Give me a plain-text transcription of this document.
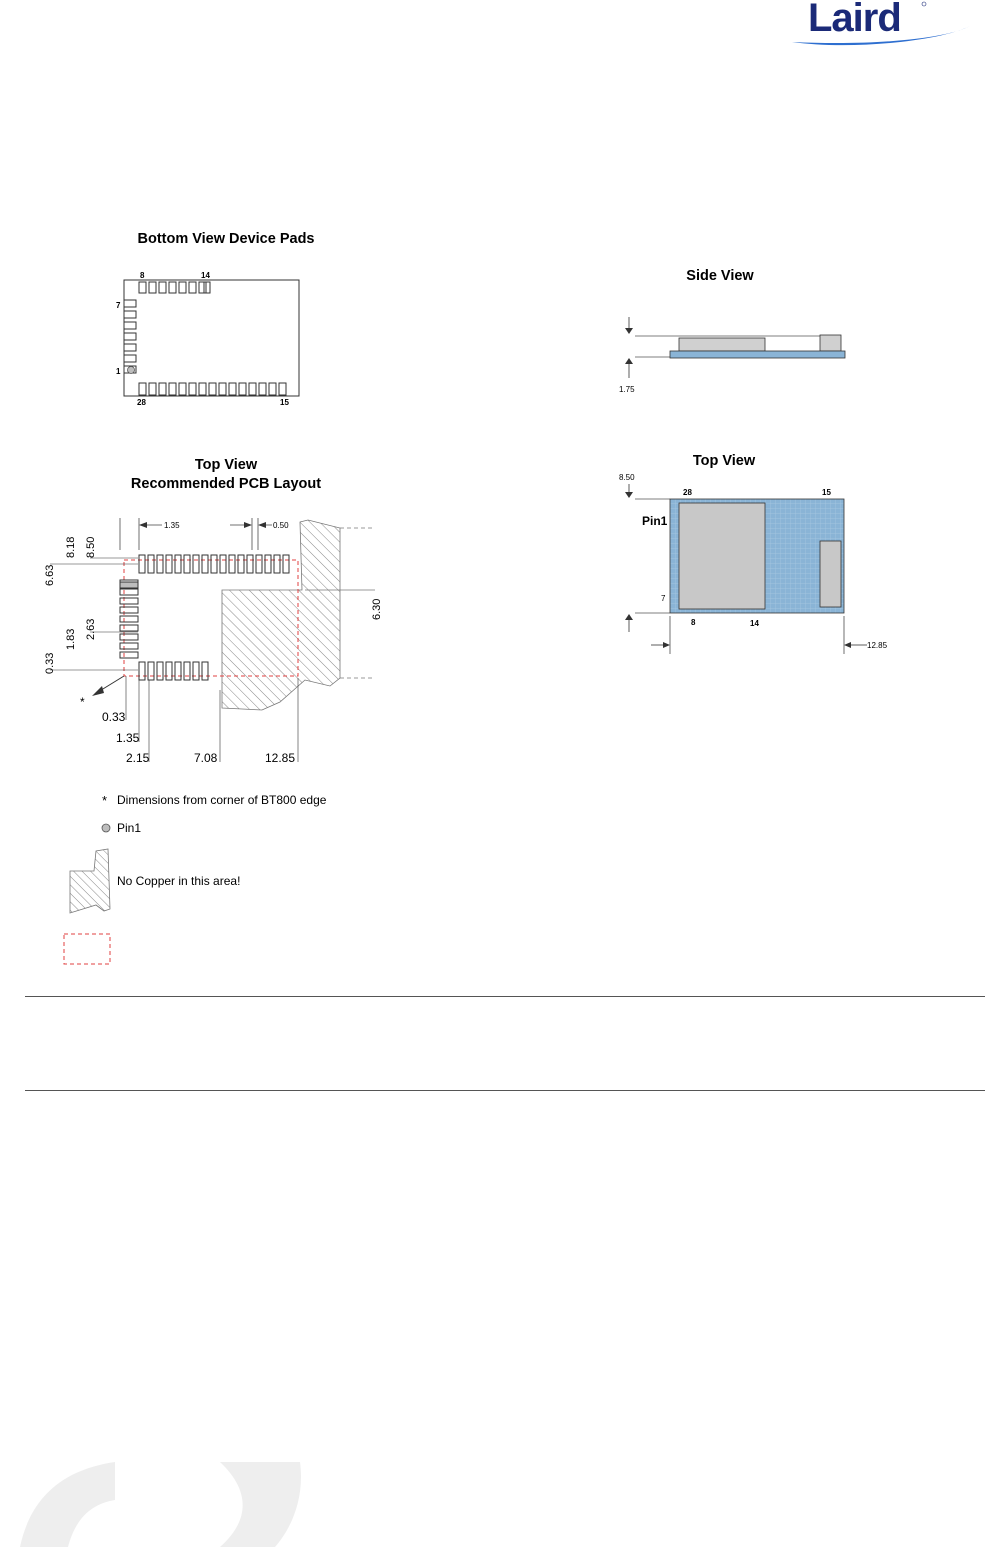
Laird
Bottom View Device Pads
8	14
7
1
28	15
Side View
1.75
Top View
Recommended PCB Layout
1.35	0.50
8.18 8.50
6.63
2.63
1.83
0.33
6.30
*
0.33
1.35
2.15	7.08	12.85
Top View
8.50
Pin1
28	15
7
8	14
12.85
* Dimensions from corner of BT800 edge
Pin1
No Copper in this area!
